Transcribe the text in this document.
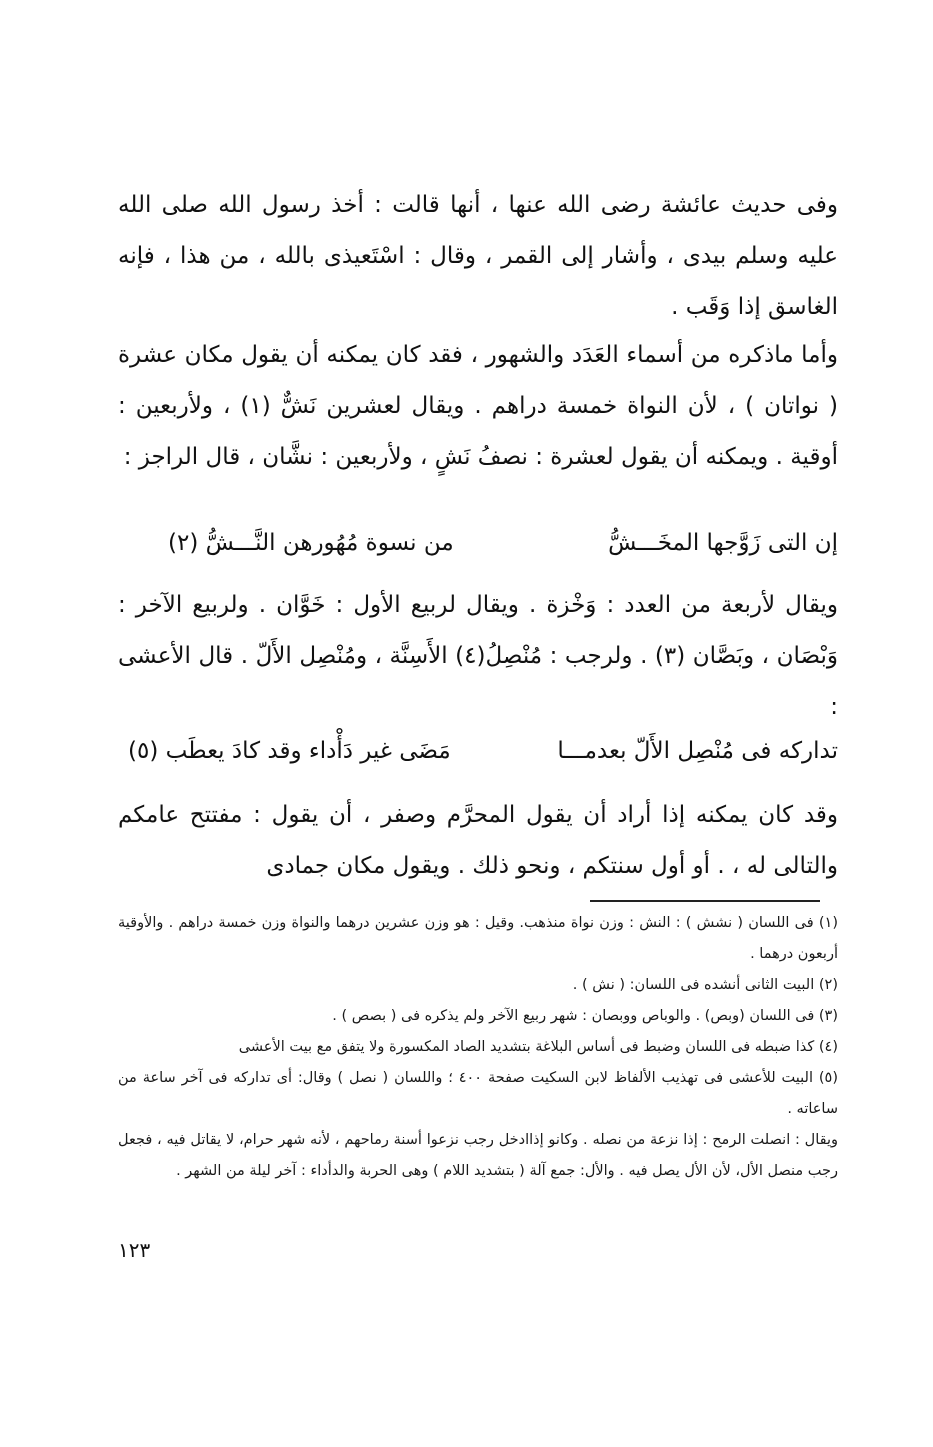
وفى حديث عائشة رضى الله عنها ، أنها قالت : أخذ رسول الله صلى الله عليه وسلم بيدى ، وأشار إلى القمر ، وقال : اسْتَعيذى بالله ، من هذا ، فإنه الغاسق إذا وَقَب .

وأما ماذكره من أسماء العَدَد والشهور ، فقد كان يمكنه أن يقول مكان عشرة ( نواتان ) ، لأن النواة خمسة دراهم . ويقال لعشرين نَشٌّ (١) ، ولأربعين : أوقية . ويمكنه أن يقول لعشرة : نصفُ نَشٍ ، ولأربعين : نشَّان ، قال الراجز :

إن التى زَوَّجها المخَـــشُّ
من نسوة مُهُورهن النَّـــشُّ (٢)

ويقال لأربعة من العدد : وَخْزة . ويقال لربيع الأول : خَوَّان . ولربيع الآخر : وَبْصَان ، وبَصَّان (٣) . ولرجب : مُنْصِلُ(٤) الأَسِنَّة ، ومُنْصِل الأَلّ . قال الأعشى :

تداركه فى مُنْصِل الأَلّ بعدمـــا
مَضَى غير دَأْداء وقد كادَ يعطَب (٥)

وقد كان يمكنه إذا أراد أن يقول المحرَّم وصفر ، أن يقول : مفتتح عامكم والتالى له ، . أو أول سنتكم ، ونحو ذلك . ويقول مكان جمادى

(١) فى اللسان ( نشش ) : النش : وزن نواة منذهب. وقيل : هو وزن عشرين درهما والنواة وزن خمسة دراهم . والأوقية أربعون درهما .

(٢) البيت الثانى أنشده فى اللسان: ( نش ) .

(٣) فى اللسان (وبص) . والوباص ووبصان : شهر ربيع الآخر ولم يذكره فى ( بصص ) .

(٤) كذا ضبطه فى اللسان وضبط فى أساس البلاغة بتشديد الصاد المكسورة ولا يتفق مع بيت الأعشى

(٥) البيت للأعشى فى تهذيب الألفاظ لابن السكيت صفحة ٤٠٠ ؛ واللسان ( نصل ) وقال: أى تداركه فى آخر ساعة من ساعاته .

ويقال : انصلت الرمح : إذا نزعة من نصله . وكانو إذاادخل رجب نزعوا أسنة رماحهم ، لأنه شهر حرام، لا يقاتل فيه ، فجعل رجب منصل الأل، لأن الأل يصل فيه . والأل: جمع آلة ( بتشديد اللام ) وهى الحربة والدأداء : آخر ليلة من الشهر .

١٢٣
